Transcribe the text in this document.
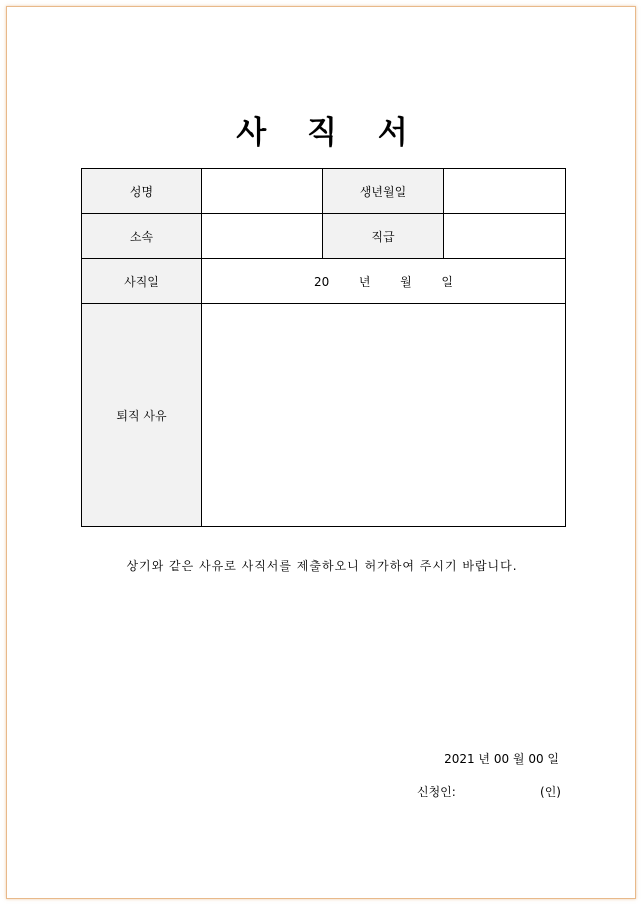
사 직 서
성명		생년월일	
소속		직급	
사직일	20 년 월 일		
퇴직 사유			
상기와 같은 사유로 사직서를 제출하오니 허가하여 주시기 바랍니다.
2021 년 00 월 00 일
신청인:	(인)
